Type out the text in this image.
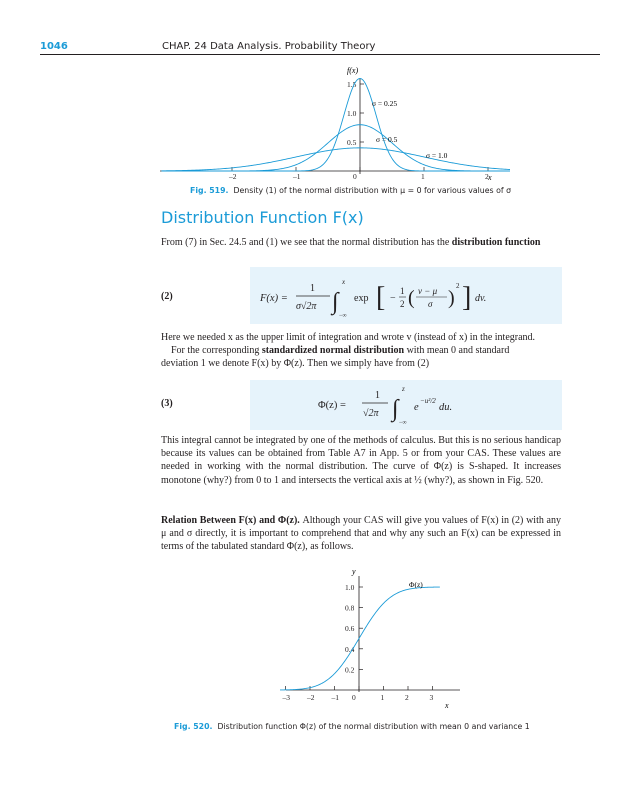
1046	CHAP. 24 Data Analysis. Probability Theory
–2	–1	0	1	2
0.5
1.0
1.5
f(x)
x
σ = 0.25
σ = 0.5
σ = 1.0
Fig. 519. Density (1) of the normal distribution with μ = 0 for various values of σ
Distribution Function F(x)
From (7) in Sec. 24.5 and (1) we see that the normal distribution has the distribution function
(2)	F(x) =
1
σ√2π ∫
x
−∞
exp [ −
1
2 ( v − μ
σ )
2 ] dv.
Here we needed x as the upper limit of integration and wrote v (instead of x) in the integrand.
For the corresponding standardized normal distribution with mean 0 and standard
deviation 1 we denote F(x) by Φ(z). Then we simply have from (2)
(3)	Φ(z) =
1
√2π ∫
z
−∞
e
−u²/2
du.
This integral cannot be integrated by one of the methods of calculus. But this is no serious handicap because its values can be obtained from Table A7 in App. 5 or from your CAS. These values are needed in working with the normal distribution. The curve of Φ(z) is S-shaped. It increases monotone (why?) from 0 to 1 and intersects the vertical axis at ½ (why?), as shown in Fig. 520.
Relation Between F(x) and Φ(z). Although your CAS will give you values of F(x) in (2) with any μ and σ directly, it is important to comprehend that and why any such an F(x) can be expressed in terms of the tabulated standard Φ(z), as follows.
–3 –2 –1 0	1	2	3
0.2
0.4
0.6
0.8
1.0
y
x
Φ(z)
Fig. 520. Distribution function Φ(z) of the normal distribution with mean 0 and variance 1
